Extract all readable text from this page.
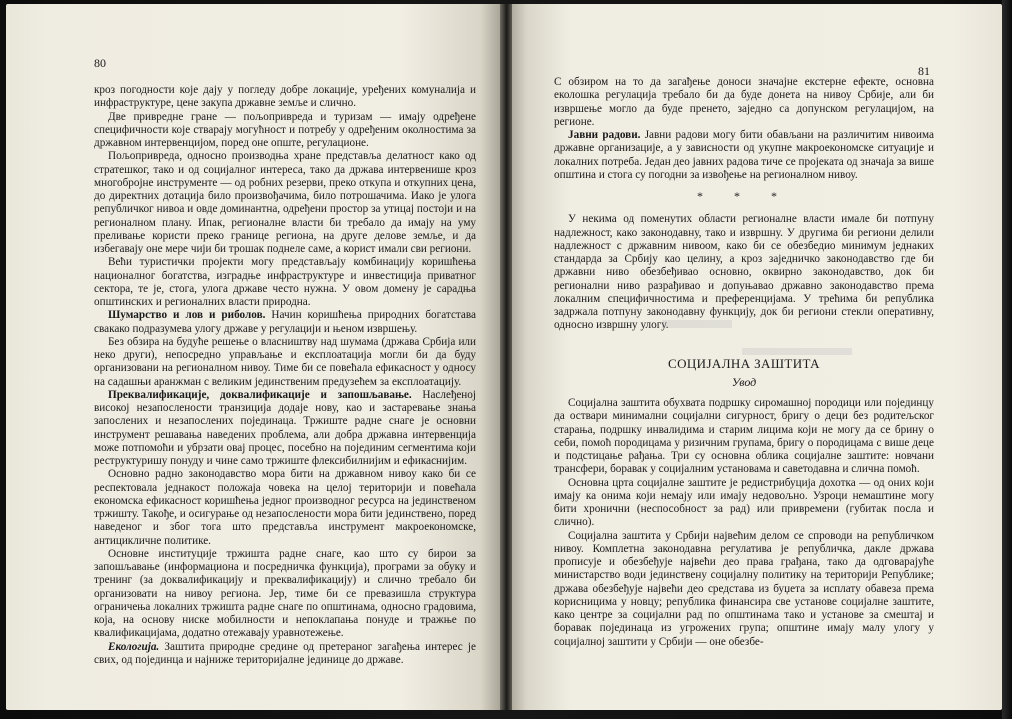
80

кроз погодности које дају у погледу добре локације, уређених комуналија и инфраструктуре, цене закупа државне земље и слично.

Две привредне гране — пољопривреда и туризам — имају одређене специфичности које стварају могућност и потребу у одређеним околностима за државном интервенцијом, поред оне опште, регулационе.

Пољопривреда, односно производња хране представља делатност како од стратешког, тако и од социјалног интереса, тако да држава интервенише кроз многобројне инструменте — од робних резерви, преко откупа и откупних цена, до директних дотација било произвођачима, било потрошачима. Иако је улога републичког нивоа и овде доминантна, одређени простор за утицај постоји и на регионалном плану. Ипак, регионалне власти би требало да имају на уму преливање користи преко границе региона, на друге делове земље, и да избегавају оне мере чији би трошак поднеле саме, а корист имали сви региони.

Већи туристички пројекти могу представљају комбинацију коришћења националног богатства, изградње инфраструктуре и инвестиција приватног сектора, те је, стога, улога државе често нужна. У овом домену је сарадња општинских и регионалних власти природна.

Шумарство и лов и риболов. Начин коришћења природних богатстава свакако подразумева улогу државе у регулацији и њеном извршењу.

Без обзира на будуће решење о власништву над шумама (држава Србија или неко други), непосредно управљање и експлоатација могли би да буду организовани на регионалном нивоу. Тиме би се повећала ефикасност у односу на садашњи аранжман с великим јединственим предузећем за експлоатацију.

Преквалификације, доквалификације и запошљавање. Наслеђеној високој незапослености транзиција додаје нову, као и застаревање знања запослених и незапослених појединаца. Тржиште радне снаге је основни инструмент решавања наведених проблема, али добра државна интервенција може потпомоћи и убрзати овај процес, посебно на појединим сегментима који реструктуришу понуду и чине само тржиште флексибилнијим и ефикаснијим.

Основно радно законодавство мора бити на државном нивоу како би се респектовала једнакост положаја човека на целој територији и повећала економска ефикасност коришћења једног производног ресурса на јединственом тржишту. Такође, и осигурање од незапослености мора бити јединствено, поред наведеног и због тога што представља инструмент макроекономске, антицикличне политике.

Основне институције тржишта радне снаге, као што су бирои за запошљавање (информациона и посредничка функција), програми за обуку и тренинг (за доквалификацију и преквалификацију) и слично требало би организовати на нивоу региона. Јер, тиме би се превазишла структура ограничења локалних тржишта радне снаге по општинама, односно градовима, која, на основу ниске мобилности и непоклапања понуде и тражње по квалификацијама, додатно отежавају уравнотежење.

Екологија. Заштита природне средине од претераног загађења интерес је свих, од појединца и најниже територијалне јединице до државе.

81

С обзиром на то да загађење доноси значајне екстерне ефекте, основна еколошка регулација требало би да буде донета на нивоу Србије, али би извршење могло да буде пренето, заједно са допунском регулацијом, на регионе.

Јавни радови. Јавни радови могу бити обављани на различитим нивоима државне организације, а у зависности од укупне макроекономске ситуације и локалних потреба. Један део јавних радова тиче се пројеката од значаја за више општина и стога су погодни за извођење на регионалном нивоу.

* * *

У некима од поменутих области регионалне власти имале би потпуну надлежност, како законодавну, тако и извршну. У другима би региони делили надлежност с државним нивоом, како би се обезбедио минимум једнаких стандарда за Србију као целину, а кроз заједничко законодавство где би државни ниво обезбеђивао основно, оквирно законодавство, док би регионални ниво разрађивао и допуњавао државно законодавство према локалним специфичностима и преференцијама. У трећима би република задржала потпуну законодавну функцију, док би региони стекли оперативну, односно извршну улогу.

СОЦИЈАЛНА ЗАШТИТА
Увод

Социјална заштита обухвата подршку сиромашној породици или појединцу да оствари минимални социјални сигурност, бригу о деци без родитељског старања, подршку инвалидима и старим лицима који не могу да се брину о себи, помоћ породицама у ризичним групама, бригу о породицама с више деце и подстицање рађања. Три су основна облика социјалне заштите: новчани трансфери, боравак у социјалним установама и саветодавна и слична помоћ.

Основна црта социјалне заштите је редистрибуција дохотка — од оних који имају ка онима који немају или имају недовољно. Узроци немаштине могу бити хронични (неспособност за рад) или привремени (губитак посла и слично).

Социјална заштита у Србији највећим делом се спроводи на републичком нивоу. Комплетна законодавна регулатива је републичка, дакле држава прописује и обезбеђује највећи део права грађана, тако да одговарајуће министарство води јединствену социјалну политику на територији Републике; држава обезбеђује највећи део средстава из буџета за исплату обавеза према корисницима у новцу; република финансира све установе социјалне заштите, како центре за социјални рад по општинама тако и установе за смештај и боравак појединаца из угрожених група; општине имају малу улогу у социјалној заштити у Србији — оне обезбе-
